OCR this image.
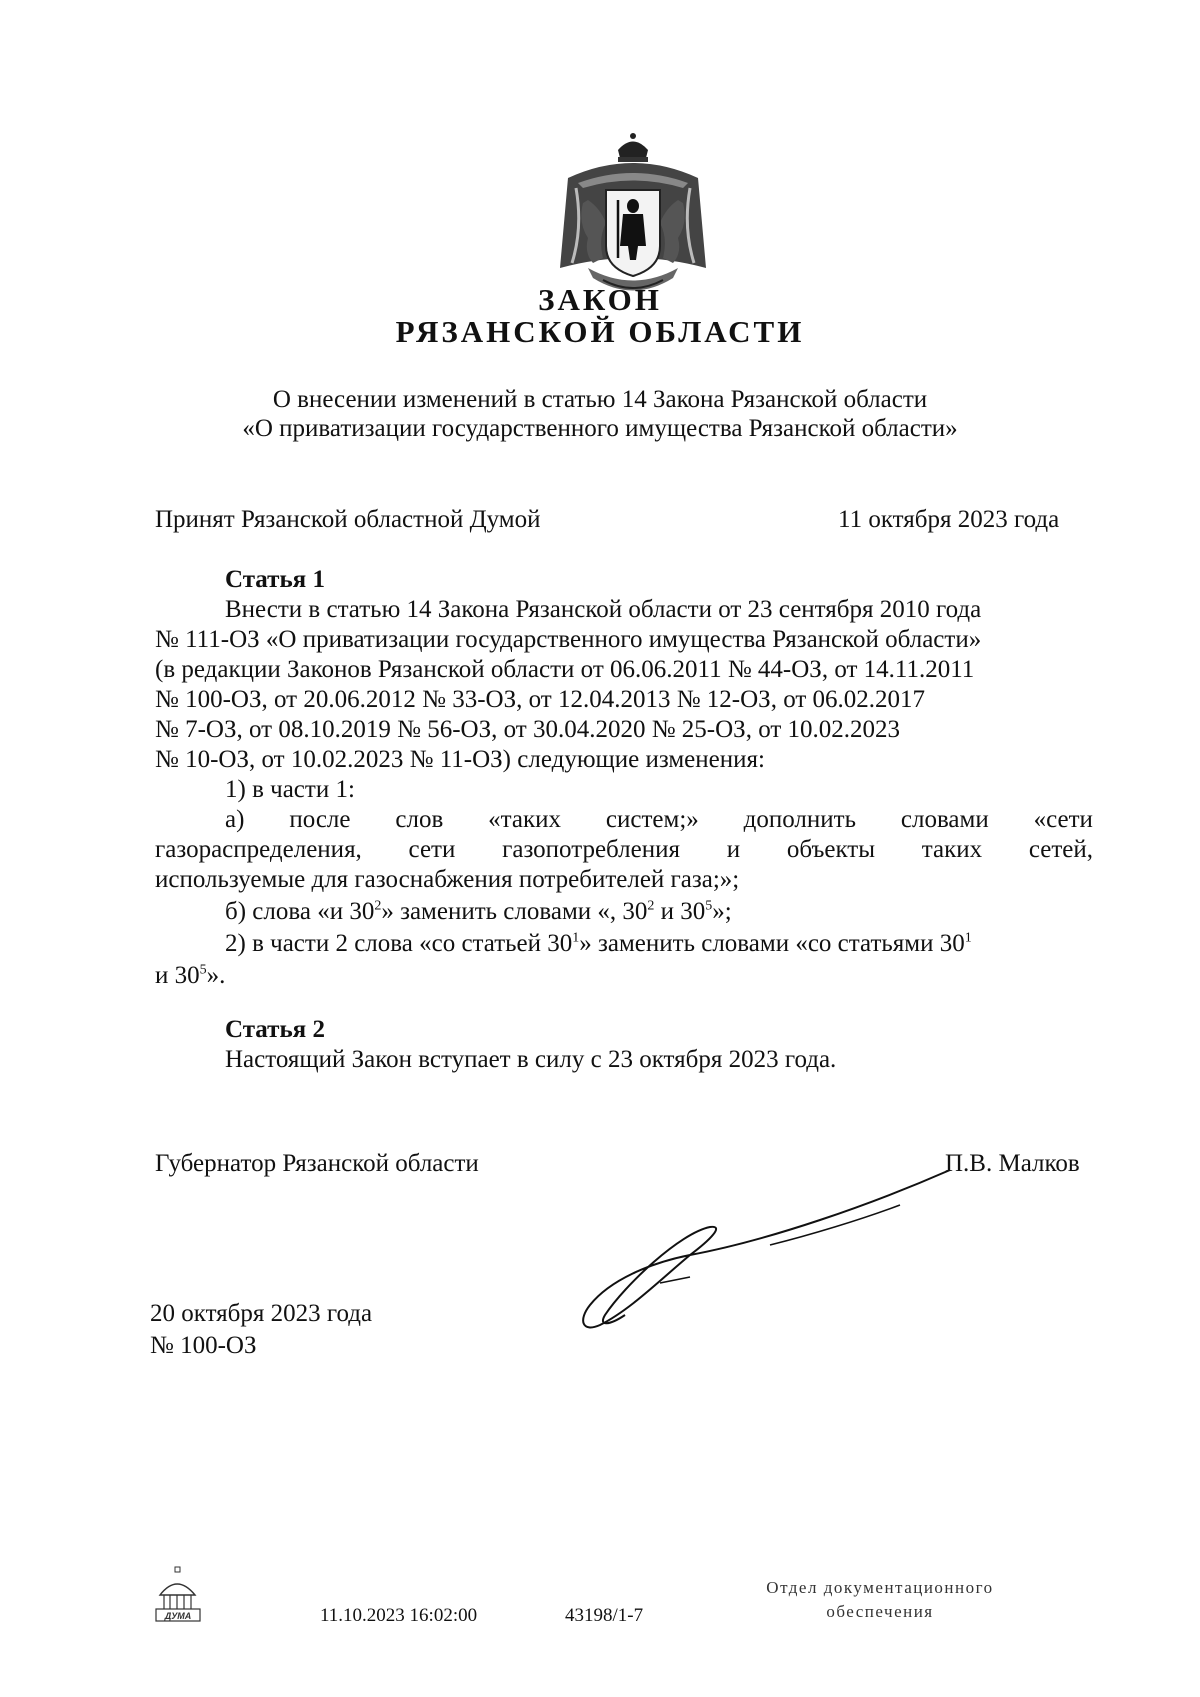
ЗАКОН
РЯЗАНСКОЙ ОБЛАСТИ
О внесении изменений в статью 14 Закона Рязанской области
«О приватизации государственного имущества Рязанской области»
Принят Рязанской областной Думой	11 октября 2023 года
Статья 1
Внести в статью 14 Закона Рязанской области от 23 сентября 2010 года
№ 111-ОЗ «О приватизации государственного имущества Рязанской области»
(в редакции Законов Рязанской области от 06.06.2011 № 44-ОЗ, от 14.11.2011
№ 100-ОЗ, от 20.06.2012 № 33-ОЗ, от 12.04.2013 № 12-ОЗ, от 06.02.2017
№ 7-ОЗ, от 08.10.2019 № 56-ОЗ, от 30.04.2020 № 25-ОЗ, от 10.02.2023
№ 10-ОЗ, от 10.02.2023 № 11-ОЗ) следующие изменения:
1) в части 1:
а) после слов «таких систем;» дополнить словами «сети
газораспределения, сети газопотребления и объекты таких сетей,
используемые для газоснабжения потребителей газа;»;
б) слова «и $30^2$» заменить словами «, $30^2$ и $30^5$»;
2) в части 2 слова «со статьей $30^1$» заменить словами «со статьями $30^1$
и $30^5$».
Статья 2
Настоящий Закон вступает в силу с 23 октября 2023 года.
Губернатор Рязанской области	П.В. Малков
20 октября 2023 года
№ 100-ОЗ
ДУМА	11.10.2023 16:02:00	43198/1-7
Отдел документационного
обеспечения
